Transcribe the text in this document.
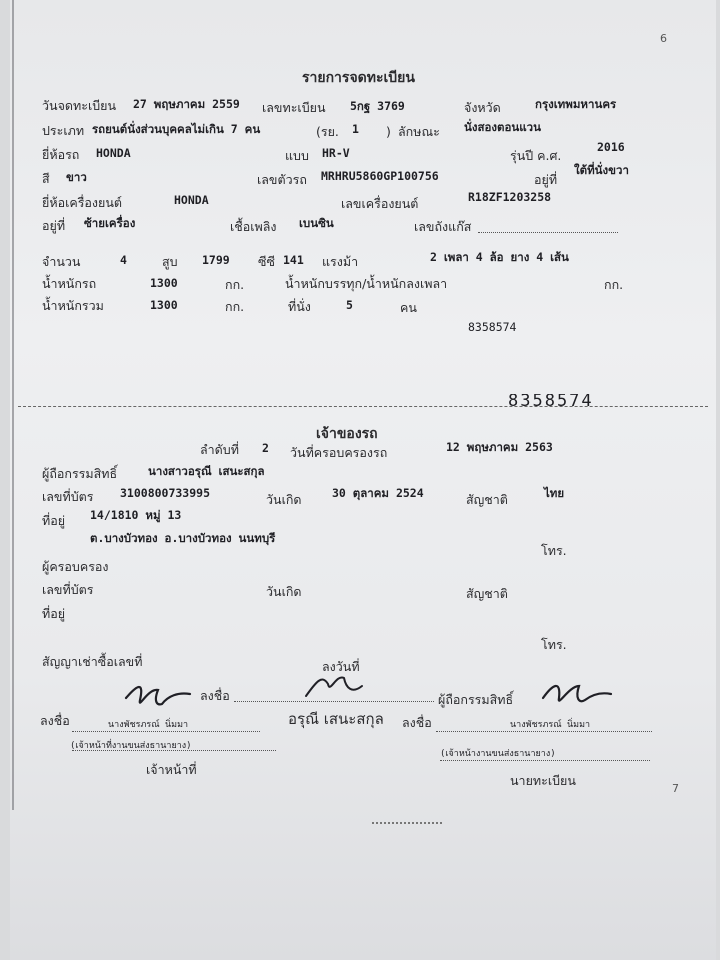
6
7
รายการจดทะเบียน
วันจดทะเบียน 27 พฤษภาคม 2559 เลขทะเบียน 5กฐ 3769	จังหวัด	กรุงเทพมหานคร
ประเภท รถยนต์นั่งส่วนบุคคลไม่เกิน 7 คน	(รย. 1 ) ลักษณะ นั่งสองตอนแวน
ยี่ห้อรถ HONDA	แบบ HR-V	รุ่นปี ค.ศ.
2016
สี ขาว	เลขตัวรถ MRHRU5860GP100756	อยู่ที่
ใต้ที่นั่งขวา
ยี่ห้อเครื่องยนต์	HONDA	เลขเครื่องยนต์	R18ZF1203258
อยู่ที่ ซ้ายเครื่อง	เชื้อเพลิง เบนซิน	เลขถังแก๊ส
จำนวน	4	สูบ 1799 ซีซี 141 แรงม้า	2 เพลา 4 ล้อ ยาง 4 เส้น
น้ำหนักรถ	1300	กก.	น้ำหนักบรรทุก/น้ำหนักลงเพลา	กก.
น้ำหนักรวม	1300	กก.	ที่นั่ง	5	คน
8358574
8358574
เจ้าของรถ
ลำดับที่ 2 วันที่ครอบครองรถ	12 พฤษภาคม 2563
ผู้ถือกรรมสิทธิ์	นางสาวอรุณี เสนะสกุล
เลขที่บัตร 3100800733995	วันเกิด	30 ตุลาคม 2524	สัญชาติ	ไทย
ที่อยู่ 14/1810 หมู่ 13
ต.บางบัวทอง อ.บางบัวทอง นนทบุรี
โทร.
ผู้ครอบครอง
เลขที่บัตร	วันเกิด	สัญชาติ
ที่อยู่
โทร.
สัญญาเช่าซื้อเลขที่	ลงวันที่
ลงชื่อ	ผู้ถือกรรมสิทธิ์
ลงชื่อ	นางพัชรภรณ์ นิ่มมา	อรุณี เสนะสกุล ลงชื่อ	นางพัชรภรณ์ นิ่มมา
(เจ้าหน้าที่งานขนส่งธานายาง)
(เจ้าหน้างานขนส่งธานายาง)
เจ้าหน้าที่
นายทะเบียน
